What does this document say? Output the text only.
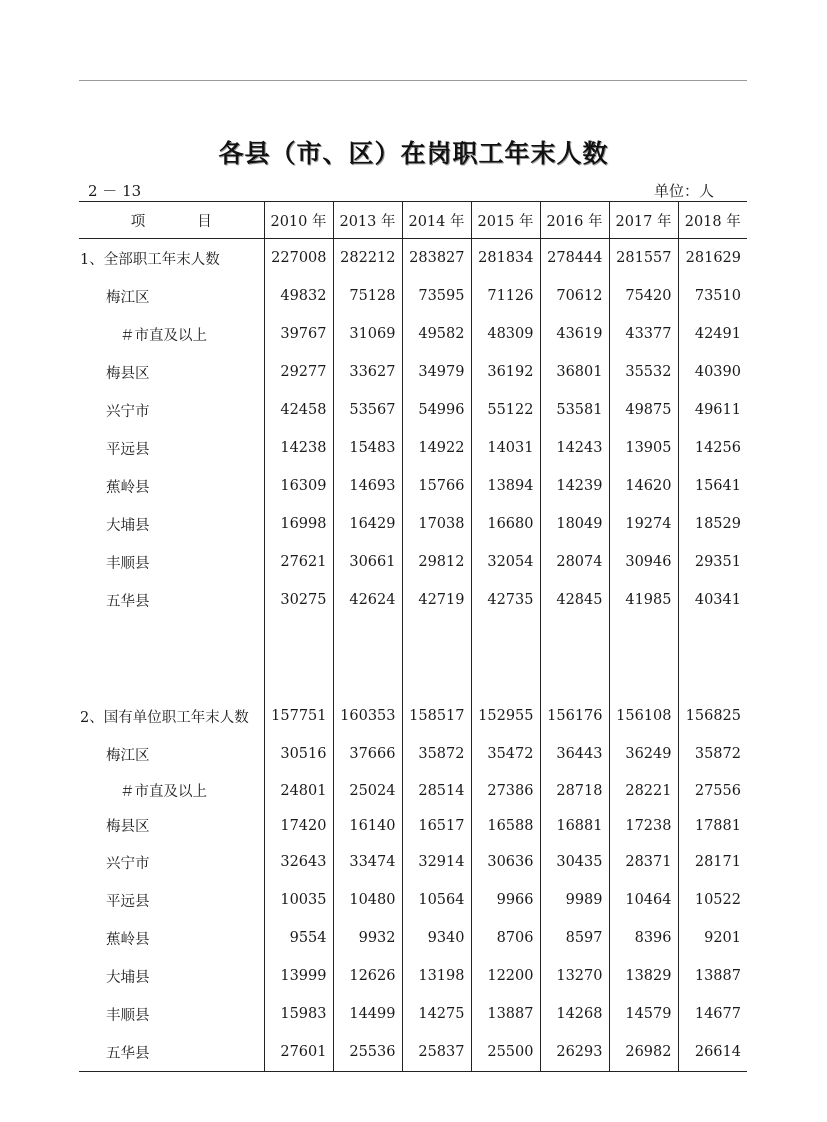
各县（市、区）在岗职工年末人数
2 － 13	单位：人
项 目	2010 年	2013 年	2014 年	2015 年	2016 年	2017 年	2018 年
1、全部职工年末人数	227008	282212	283827	281834	278444	281557	281629
梅江区	49832	75128	73595	71126	70612	75420	73510
＃市直及以上	39767	31069	49582	48309	43619	43377	42491
梅县区	29277	33627	34979	36192	36801	35532	40390
兴宁市	42458	53567	54996	55122	53581	49875	49611
平远县	14238	15483	14922	14031	14243	13905	14256
蕉岭县	16309	14693	15766	13894	14239	14620	15641
大埔县	16998	16429	17038	16680	18049	19274	18529
丰顺县	27621	30661	29812	32054	28074	30946	29351
五华县	30275	42624	42719	42735	42845	41985	40341

2、国有单位职工年末人数	157751	160353	158517	152955	156176	156108	156825
梅江区	30516	37666	35872	35472	36443	36249	35872
＃市直及以上	24801	25024	28514	27386	28718	28221	27556
梅县区	17420	16140	16517	16588	16881	17238	17881
兴宁市	32643	33474	32914	30636	30435	28371	28171
平远县	10035	10480	10564	9966	9989	10464	10522
蕉岭县	9554	9932	9340	8706	8597	8396	9201
大埔县	13999	12626	13198	12200	13270	13829	13887
丰顺县	15983	14499	14275	13887	14268	14579	14677
五华县	27601	25536	25837	25500	26293	26982	26614
